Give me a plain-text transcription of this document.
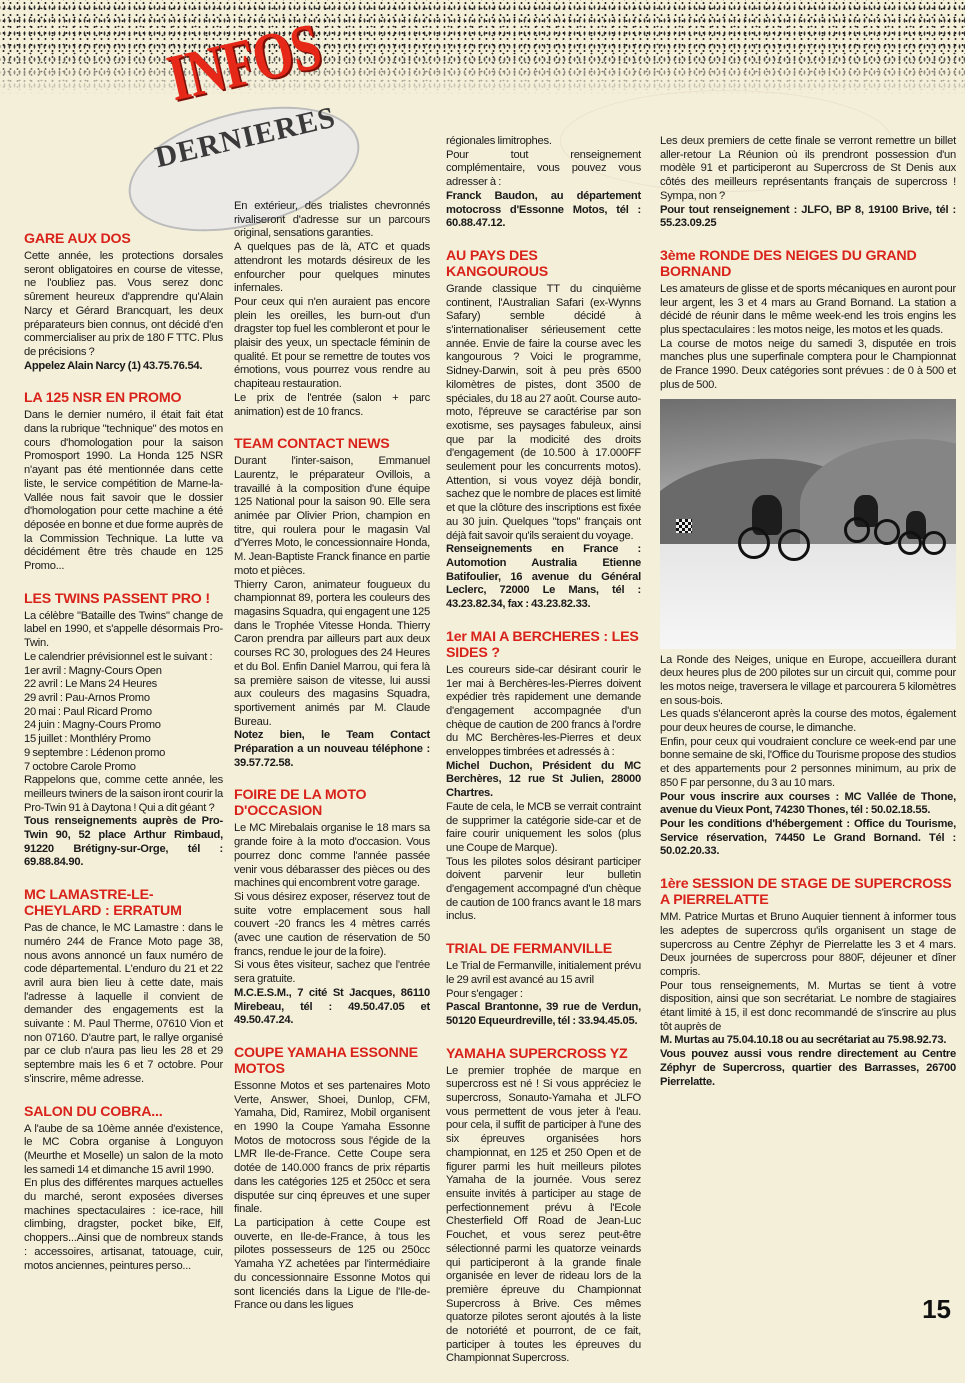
INFOS
DERNIERES
GARE AUX DOS

Cette année, les protections dorsales seront obligatoires en course de vitesse, ne l'oubliez pas. Vous serez donc sûrement heureux d'apprendre qu'Alain Narcy et Gérard Brancquart, les deux préparateurs bien connus, ont décidé d'en commercialiser au prix de 180 F TTC. Plus de précisions ?

Appelez Alain Narcy (1) 43.75.76.54.

LA 125 NSR EN PROMO

Dans le dernier numéro, il était fait état dans la rubrique "technique" des motos en cours d'homologation pour la saison Promosport 1990. La Honda 125 NSR n'ayant pas été mentionnée dans cette liste, le service compétition de Marne-la-Vallée nous fait savoir que le dossier d'homologation pour cette machine a été déposée en bonne et due forme auprès de la Commission Technique. La lutte va décidément être très chaude en 125 Promo...

LES TWINS PASSENT PRO !

La célèbre "Bataille des Twins" change de label en 1990, et s'appelle désormais Pro-Twin.

Le calendrier prévisionnel est le suivant :

1er avril : Magny-Cours Open

22 avril : Le Mans 24 Heures

29 avril : Pau-Arnos Promo

20 mai : Paul Ricard Promo

24 juin : Magny-Cours Promo

15 juillet : Monthléry Promo

9 septembre : Lédenon promo

7 octobre Carole Promo

Rappelons que, comme cette année, les meilleurs twiners de la saison iront courir la Pro-Twin 91 à Daytona ! Qui a dit géant ?

Tous renseignements auprès de Pro-Twin 90, 52 place Arthur Rimbaud, 91220 Brétigny-sur-Orge, tél : 69.88.84.90.

MC LAMASTRE-LE-CHEYLARD : ERRATUM

Pas de chance, le MC Lamastre : dans le numéro 244 de France Moto page 38, nous avons annoncé un faux numéro de code départemental. L'enduro du 21 et 22 avril aura bien lieu à cette date, mais l'adresse à laquelle il convient de demander des engagements est la suivante : M. Paul Therme, 07610 Vion et non 07160. D'autre part, le rallye organisé par ce club n'aura pas lieu les 28 et 29 septembre mais les 6 et 7 octobre. Pour s'inscrire, même adresse.

SALON DU COBRA...

A l'aube de sa 10ème année d'existence, le MC Cobra organise à Longuyon (Meurthe et Moselle) un salon de la moto les samedi 14 et dimanche 15 avril 1990.

En plus des différentes marques actuelles du marché, seront exposées diverses machines spectaculaires : ice-race, hill climbing, dragster, pocket bike, Elf, choppers...Ainsi que de nombreux stands : accessoires, artisanat, tatouage, cuir, motos anciennes, peintures perso...

En extérieur, des trialistes chevronnés rivaliseront d'adresse sur un parcours original, sensations garanties.

A quelques pas de là, ATC et quads attendront les motards désireux de les enfourcher pour quelques minutes infernales.

Pour ceux qui n'en auraient pas encore plein les oreilles, les burn-out d'un dragster top fuel les combleront et pour le plaisir des yeux, un spectacle féminin de qualité. Et pour se remettre de toutes vos émotions, vous pourrez vous rendre au chapiteau restauration.

Le prix de l'entrée (salon + parc animation) est de 10 francs.

TEAM CONTACT NEWS

Durant l'inter-saison, Emmanuel Laurentz, le préparateur Ovillois, a travaillé à la composition d'une équipe 125 National pour la saison 90. Elle sera animée par Olivier Prion, champion en titre, qui roulera pour le magasin Val d'Yerres Moto, le concessionnaire Honda, M. Jean-Baptiste Franck finance en partie moto et pièces.

Thierry Caron, animateur fougueux du championnat 89, portera les couleurs des magasins Squadra, qui engagent une 125 dans le Trophée Vitesse Honda. Thierry Caron prendra par ailleurs part aux deux courses RC 30, prologues des 24 Heures et du Bol. Enfin Daniel Marrou, qui fera là sa première saison de vitesse, lui aussi aux couleurs des magasins Squadra, sportivement animés par M. Claude Bureau.

Notez bien, le Team Contact Préparation a un nouveau téléphone : 39.57.72.58.

FOIRE DE LA MOTO D'OCCASION

Le MC Mirebalais organise le 18 mars sa grande foire à la moto d'occasion. Vous pourrez donc comme l'année passée venir vous débarasser des pièces ou des machines qui encombrent votre garage.

Si vous désirez exposer, réservez tout de suite votre emplacement sous hall couvert -20 francs les 4 mètres carrés (avec une caution de réservation de 50 francs, rendue le jour de la foire).

Si vous êtes visiteur, sachez que l'entrée sera gratuite.

M.C.E.S.M., 7 cité St Jacques, 86110 Mirebeau, tél : 49.50.47.05 et 49.50.47.24.

COUPE YAMAHA ESSONNE MOTOS

Essonne Motos et ses partenaires Moto Verte, Answer, Shoei, Dunlop, CFM, Yamaha, Did, Ramirez, Mobil organisent en 1990 la Coupe Yamaha Essonne Motos de motocross sous l'égide de la LMR Ile-de-France. Cette Coupe sera dotée de 140.000 francs de prix répartis dans les catégories 125 et 250cc et sera disputée sur cinq épreuves et une super finale.

La participation à cette Coupe est ouverte, en Ile-de-France, à tous les pilotes possesseurs de 125 ou 250cc Yamaha YZ achetées par l'intermédiaire du concessionnaire Essonne Motos qui sont licenciés dans la Ligue de l'Ile-de-France ou dans les ligues

régionales limitrophes.

Pour tout renseignement complémentaire, vous pouvez vous adresser à :

Franck Baudon, au département motocross d'Essonne Motos, tél : 60.88.47.12.

AU PAYS DES KANGOUROUS

Grande classique TT du cinquième continent, l'Australian Safari (ex-Wynns Safary) semble décidé à s'internationaliser sérieusement cette année. Envie de faire la course avec les kangourous ? Voici le programme, Sidney-Darwin, soit à peu près 6500 kilomètres de pistes, dont 3500 de spéciales, du 18 au 27 août. Course auto-moto, l'épreuve se caractérise par son exotisme, ses paysages fabuleux, ainsi que par la modicité des droits d'engagement (de 10.500 à 17.000FF seulement pour les concurrents motos). Attention, si vous voyez déjà bondir, sachez que le nombre de places est limité et que la clôture des inscriptions est fixée au 30 juin. Quelques "tops" français ont déjà fait savoir qu'ils seraient du voyage.

Renseignements en France : Automotion Australia Etienne Batifoulier, 16 avenue du Général Leclerc, 72000 Le Mans, tél : 43.23.82.34, fax : 43.23.82.33.

1er MAI A BERCHERES : LES SIDES ?

Les coureurs side-car désirant courir le 1er mai à Berchères-les-Pierres doivent expédier très rapidement une demande d'engagement accompagnée d'un chèque de caution de 200 francs à l'ordre du MC Berchères-les-Pierres et deux enveloppes timbrées et adressés à :

Michel Duchon, Président du MC Berchères, 12 rue St Julien, 28000 Chartres.

Faute de cela, le MCB se verrait contraint de supprimer la catégorie side-car et de faire courir uniquement les solos (plus une Coupe de Marque).

Tous les pilotes solos désirant participer doivent parvenir leur bulletin d'engagement accompagné d'un chèque de caution de 100 francs avant le 18 mars inclus.

TRIAL DE FERMANVILLE

Le Trial de Fermanville, initialement prévu le 29 avril est avancé au 15 avril

Pour s'engager :

Pascal Brantonne, 39 rue de Verdun, 50120 Equeurdreville, tél : 33.94.45.05.

YAMAHA SUPERCROSS YZ

Le premier trophée de marque en supercross est né ! Si vous appréciez le supercross, Sonauto-Yamaha et JLFO vous permettent de vous jeter à l'eau. pour cela, il suffit de participer à l'une des six épreuves organisées hors championnat, en 125 et 250 Open et de figurer parmi les huit meilleurs pilotes Yamaha de la journée. Vous serez ensuite invités à participer au stage de perfectionnement prévu à l'Ecole Chesterfield Off Road de Jean-Luc Fouchet, et vous serez peut-être sélectionné parmi les quatorze veinards qui participeront à la grande finale organisée en lever de rideau lors de la première épreuve du Championnat Supercross à Brive. Ces mêmes quatorze pilotes seront ajoutés à la liste de notoriété et pourront, de ce fait, participer à toutes les épreuves du Championnat Supercross.

Les deux premiers de cette finale se verront remettre un billet aller-retour La Réunion où ils prendront possession d'un modèle 91 et participeront au Supercross de St Denis aux côtés des meilleurs représentants français de supercross ! Sympa, non ?

Pour tout renseignement : JLFO, BP 8, 19100 Brive, tél : 55.23.09.25

3ème RONDE DES NEIGES DU GRAND BORNAND

Les amateurs de glisse et de sports mécaniques en auront pour leur argent, les 3 et 4 mars au Grand Bornand. La station a décidé de réunir dans le même week-end les trois engins les plus spectaculaires : les motos neige, les motos et les quads.

La course de motos neige du samedi 3, disputée en trois manches plus une superfinale comptera pour le Championnat de France 1990. Deux catégories sont prévues : de 0 à 500 et plus de 500.

La Ronde des Neiges, unique en Europe, accueillera durant deux heures plus de 200 pilotes sur un circuit qui, comme pour les motos neige, traversera le village et parcourera 5 kilomètres en sous-bois.

Les quads s'élanceront après la course des motos, également pour deux heures de course, le dimanche.

Enfin, pour ceux qui voudraient conclure ce week-end par une bonne semaine de ski, l'Office du Tourisme propose des studios et des appartements pour 2 personnes minimum, au prix de 850 F par personne, du 3 au 10 mars.

Pour vous inscrire aux courses : MC Vallée de Thone, avenue du Vieux Pont, 74230 Thones, tél : 50.02.18.55.

Pour les conditions d'hébergement : Office du Tourisme, Service réservation, 74450 Le Grand Bornand. Tél : 50.02.20.33.

1ère SESSION DE STAGE DE SUPERCROSS A PIERRELATTE

MM. Patrice Murtas et Bruno Auquier tiennent à informer tous les adeptes de supercross qu'ils organisent un stage de supercross au Centre Zéphyr de Pierrelatte les 3 et 4 mars. Deux journées de supercross pour 880F, déjeuner et dîner compris.

Pour tous renseignements, M. Murtas se tient à votre disposition, ainsi que son secrétariat. Le nombre de stagiaires étant limité à 15, il est donc recommandé de s'inscrire au plus tôt auprès de

M. Murtas au 75.04.10.18 ou au secrétariat au 75.98.92.73.

Vous pouvez aussi vous rendre directement au Centre Zéphyr de Supercross, quartier des Barrasses, 26700 Pierrelatte.

15
